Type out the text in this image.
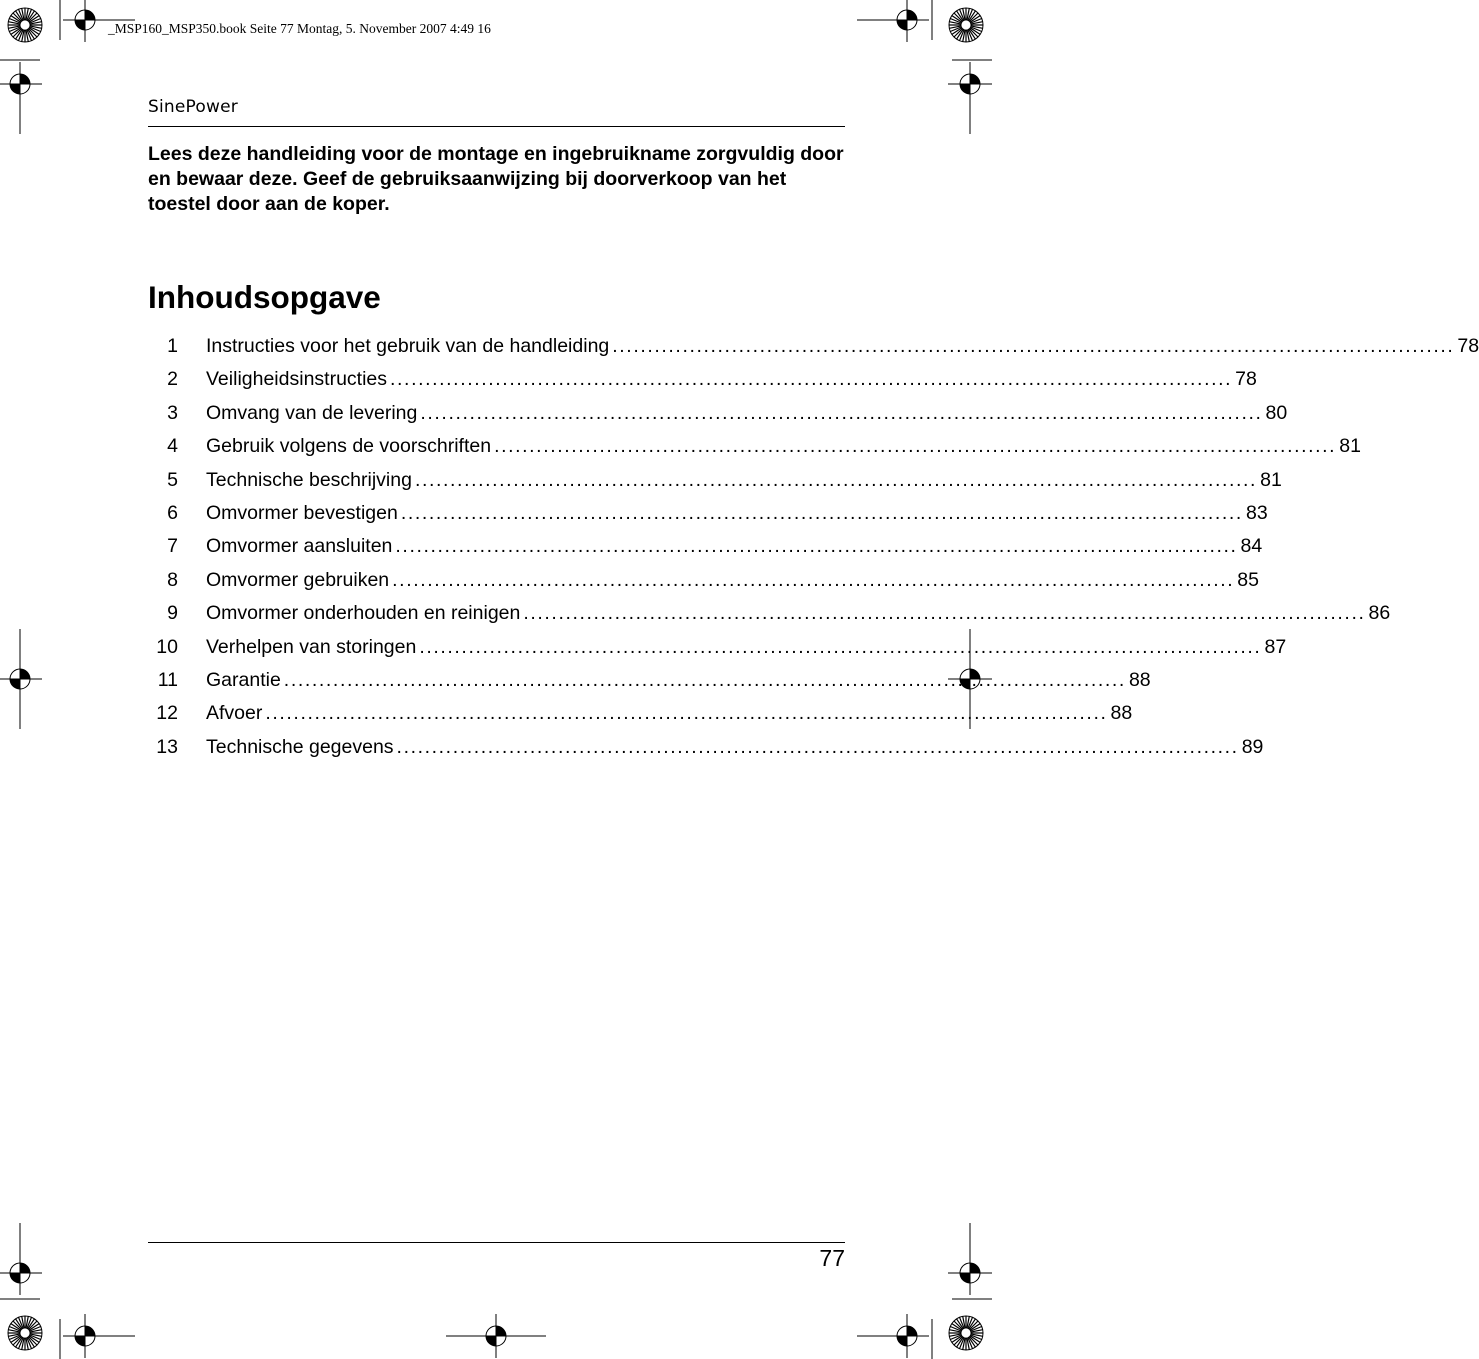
_MSP160_MSP350.book Seite 77 Montag, 5. November 2007 4:49 16
SinePower
Lees deze handleiding voor de montage en ingebruikname zorgvuldig door en bewaar deze. Geef de gebruiksaanwijzing bij doorverkoop van het toestel door aan de koper.
Inhoudsopgave
1 Instructies voor het gebruik van de handleiding ........................................................................................................................ 78
2 Veiligheidsinstructies ........................................................................................................................ 78
3 Omvang van de levering ........................................................................................................................ 80
4 Gebruik volgens de voorschriften ........................................................................................................................ 81
5 Technische beschrijving ........................................................................................................................ 81
6 Omvormer bevestigen ........................................................................................................................ 83
7 Omvormer aansluiten ........................................................................................................................ 84
8 Omvormer gebruiken ........................................................................................................................ 85
9 Omvormer onderhouden en reinigen ........................................................................................................................ 86
10 Verhelpen van storingen ........................................................................................................................ 87
11 Garantie ........................................................................................................................ 88
12 Afvoer ........................................................................................................................ 88
13 Technische gegevens ........................................................................................................................ 89
77
